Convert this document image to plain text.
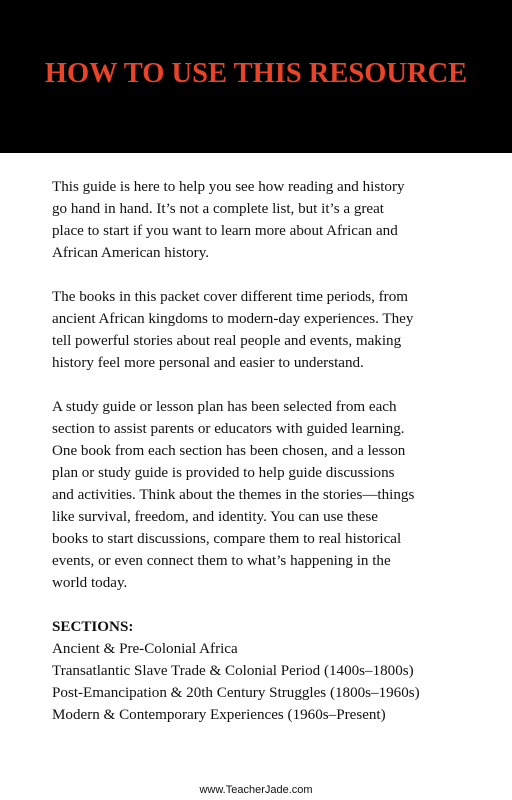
HOW TO USE THIS RESOURCE
This guide is here to help you see how reading and history
go hand in hand. It’s not a complete list, but it’s a great
place to start if you want to learn more about African and
African American history.
The books in this packet cover different time periods, from
ancient African kingdoms to modern-day experiences. They
tell powerful stories about real people and events, making
history feel more personal and easier to understand.
A study guide or lesson plan has been selected from each
section to assist parents or educators with guided learning.
One book from each section has been chosen, and a lesson
plan or study guide is provided to help guide discussions
and activities. Think about the themes in the stories—things
like survival, freedom, and identity. You can use these
books to start discussions, compare them to real historical
events, or even connect them to what’s happening in the
world today.
SECTIONS:
Ancient & Pre-Colonial Africa
Transatlantic Slave Trade & Colonial Period (1400s–1800s)
Post-Emancipation & 20th Century Struggles (1800s–1960s)
Modern & Contemporary Experiences (1960s–Present)
www.TeacherJade.com
